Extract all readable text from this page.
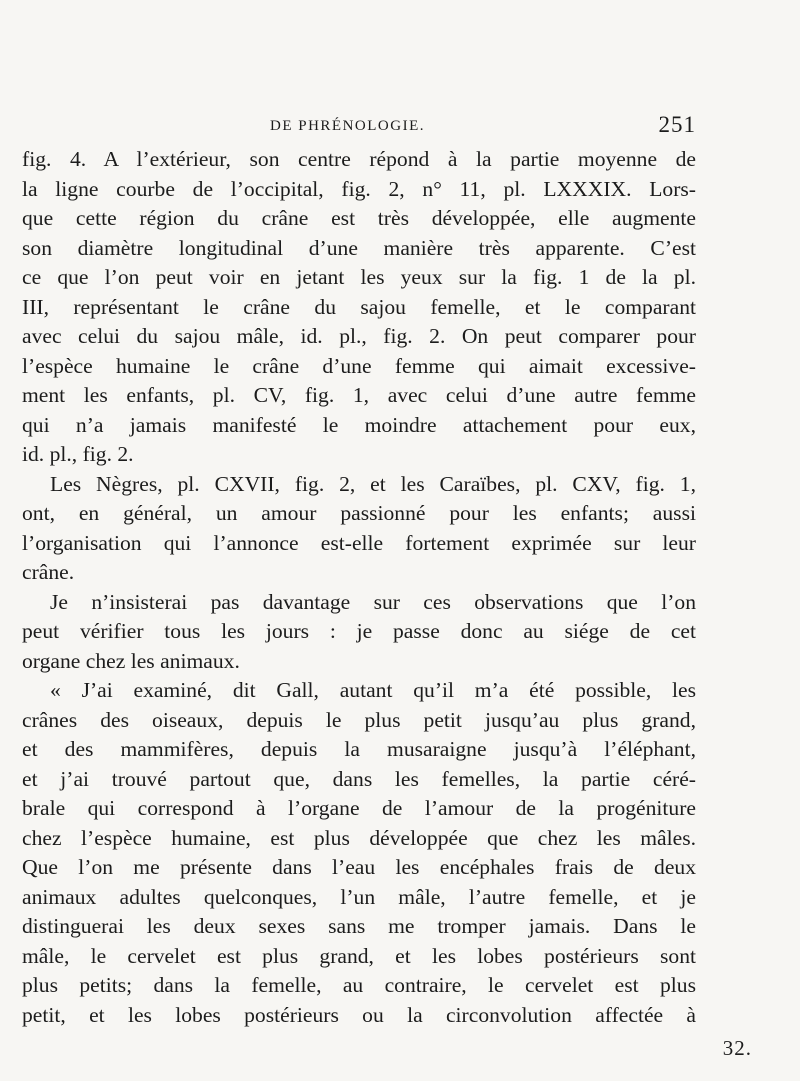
DE PHRÉNOLOGIE.	251

fig. 4. A l’extérieur, son centre répond à la partie moyenne de
la ligne courbe de l’occipital, fig. 2, n° 11, pl. LXXXIX. Lors-
que cette région du crâne est très développée, elle augmente
son diamètre longitudinal d’une manière très apparente. C’est
ce que l’on peut voir en jetant les yeux sur la fig. 1 de la pl.
III, représentant le crâne du sajou femelle, et le comparant
avec celui du sajou mâle, id. pl., fig. 2. On peut comparer pour
l’espèce humaine le crâne d’une femme qui aimait excessive-
ment les enfants, pl. CV, fig. 1, avec celui d’une autre femme
qui n’a jamais manifesté le moindre attachement pour eux,
id. pl., fig. 2.

Les Nègres, pl. CXVII, fig. 2, et les Caraïbes, pl. CXV, fig. 1,
ont, en général, un amour passionné pour les enfants; aussi
l’organisation qui l’annonce est-elle fortement exprimée sur leur
crâne.

Je n’insisterai pas davantage sur ces observations que l’on
peut vérifier tous les jours : je passe donc au siége de cet
organe chez les animaux.

« J’ai examiné, dit Gall, autant qu’il m’a été possible, les
crânes des oiseaux, depuis le plus petit jusqu’au plus grand,
et des mammifères, depuis la musaraigne jusqu’à l’éléphant,
et j’ai trouvé partout que, dans les femelles, la partie céré-
brale qui correspond à l’organe de l’amour de la progéniture
chez l’espèce humaine, est plus développée que chez les mâles.
Que l’on me présente dans l’eau les encéphales frais de deux
animaux adultes quelconques, l’un mâle, l’autre femelle, et je
distinguerai les deux sexes sans me tromper jamais. Dans le
mâle, le cervelet est plus grand, et les lobes postérieurs sont
plus petits; dans la femelle, au contraire, le cervelet est plus
petit, et les lobes postérieurs ou la circonvolution affectée à

32.
